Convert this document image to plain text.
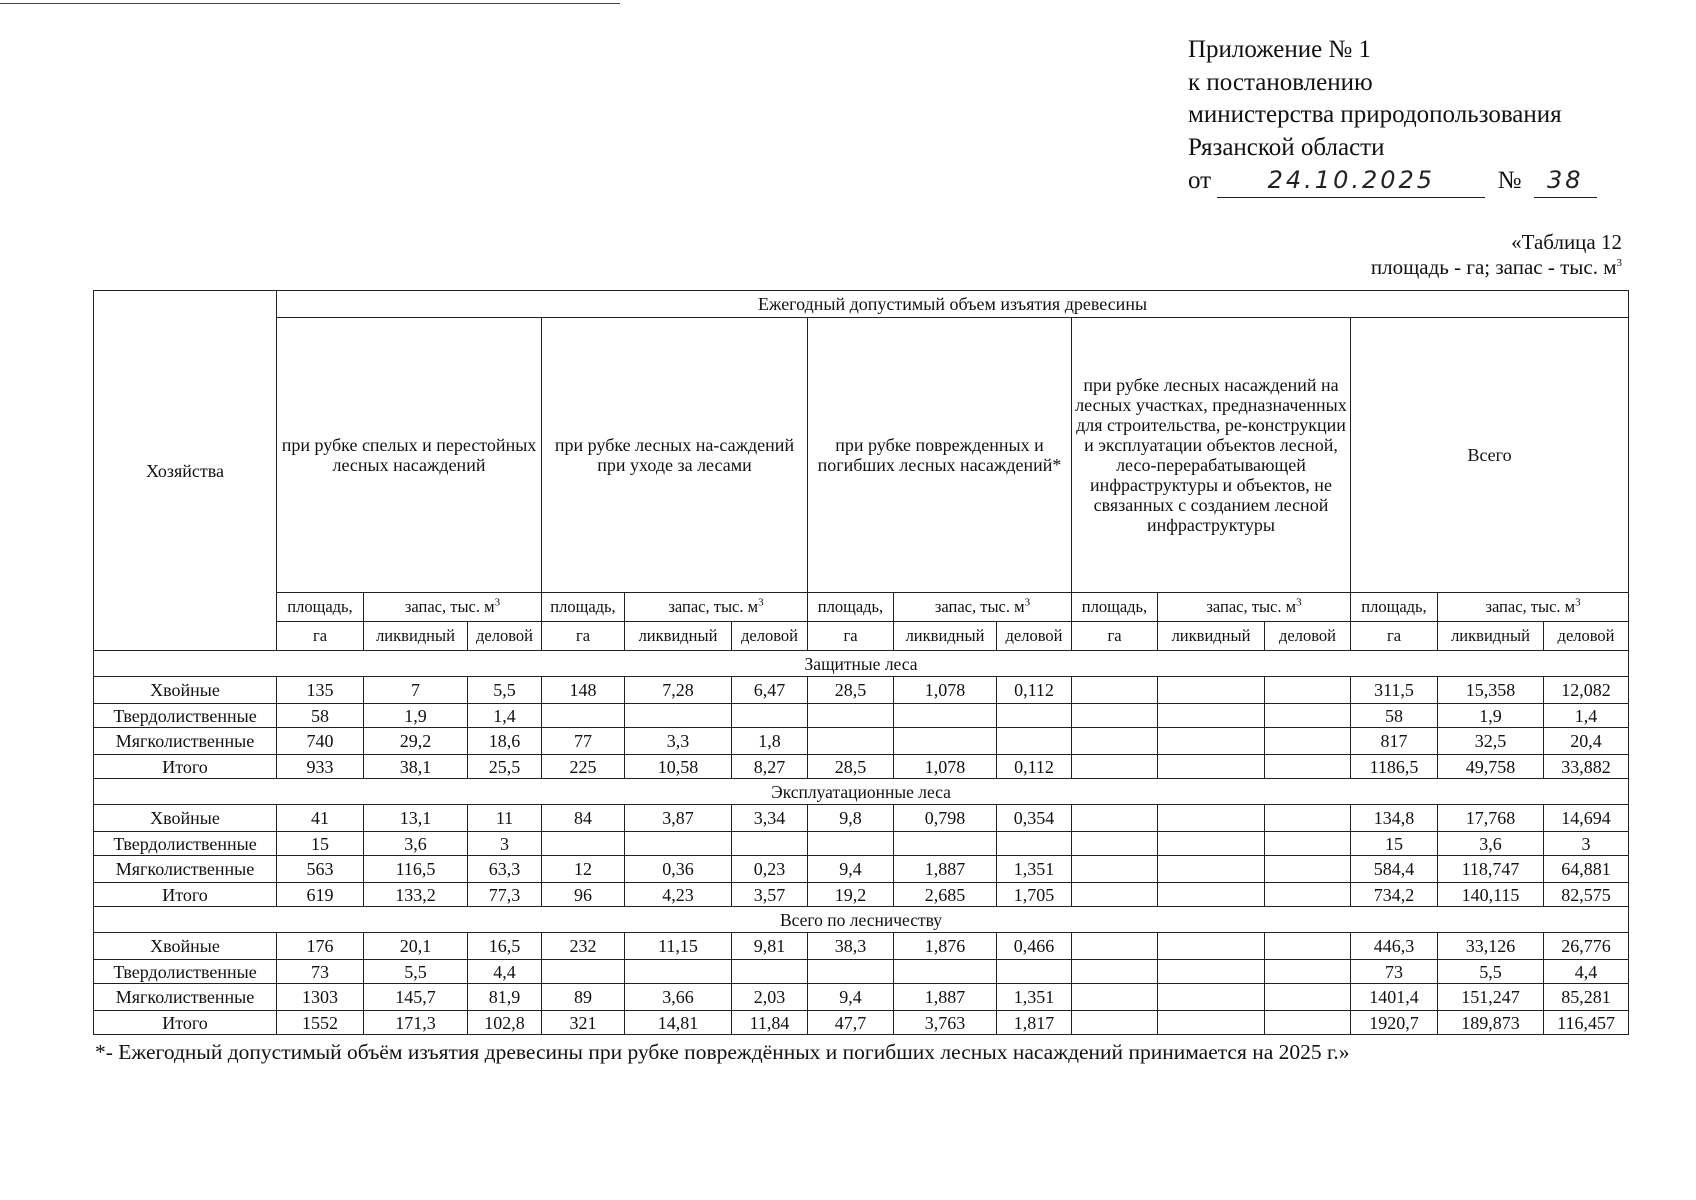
Приложение № 1
к постановлению
министерства природопользования
Рязанской области
от 24.10.2025	№ 38
«Таблица 12
площадь - га; запас - тыс. $м^3$
Хозяйства	Ежегодный допустимый объем изъятия древесины														
	при рубке спелых и перестойных лесных насаждений			при рубке лесных на-саждений при уходе за лесами			при рубке поврежденных и погибших лесных насаждений*			при рубке лесных насаждений на лесных участках, предназначенных для строительства, ре-конструкции и эксплуатации объектов лесной, лесо-перерабатывающей инфраструктуры и объектов, не связанных с созданием лесной инфраструктуры			Всего		
	площадь,	запас, тыс. $м^3$		площадь,	запас, тыс. $м^3$		площадь,	запас, тыс. $м^3$		площадь,	запас, тыс. $м^3$		площадь,	запас, тыс. $м^3$
	га	ликвидный	деловой	га	ликвидный	деловой	га	ликвидный	деловой	га	ликвидный	деловой	га	ликвидный	деловой
Защитные леса															
Хвойные	135	7	5,5	148	7,28	6,47	28,5	1,078	0,112				311,5	15,358	12,082
Твердолиственные	58	1,9	1,4										58	1,9	1,4
Мягколиственные	740	29,2	18,6	77	3,3	1,8							817	32,5	20,4
Итого	933	38,1	25,5	225	10,58	8,27	28,5	1,078	0,112				1186,5	49,758	33,882
Эксплуатационные леса															
Хвойные	41	13,1	11	84	3,87	3,34	9,8	0,798	0,354				134,8	17,768	14,694
Твердолиственные	15	3,6	3										15	3,6	3
Мягколиственные	563	116,5	63,3	12	0,36	0,23	9,4	1,887	1,351				584,4	118,747	64,881
Итого	619	133,2	77,3	96	4,23	3,57	19,2	2,685	1,705				734,2	140,115	82,575
Всего по лесничеству															
Хвойные	176	20,1	16,5	232	11,15	9,81	38,3	1,876	0,466				446,3	33,126	26,776
Твердолиственные	73	5,5	4,4										73	5,5	4,4
Мягколиственные	1303	145,7	81,9	89	3,66	2,03	9,4	1,887	1,351				1401,4	151,247	85,281
Итого	1552	171,3	102,8	321	14,81	11,84	47,7	3,763	1,817				1920,7	189,873	116,457
*- Ежегодный допустимый объём изъятия древесины при рубке повреждённых и погибших лесных насаждений принимается на 2025 г.»
